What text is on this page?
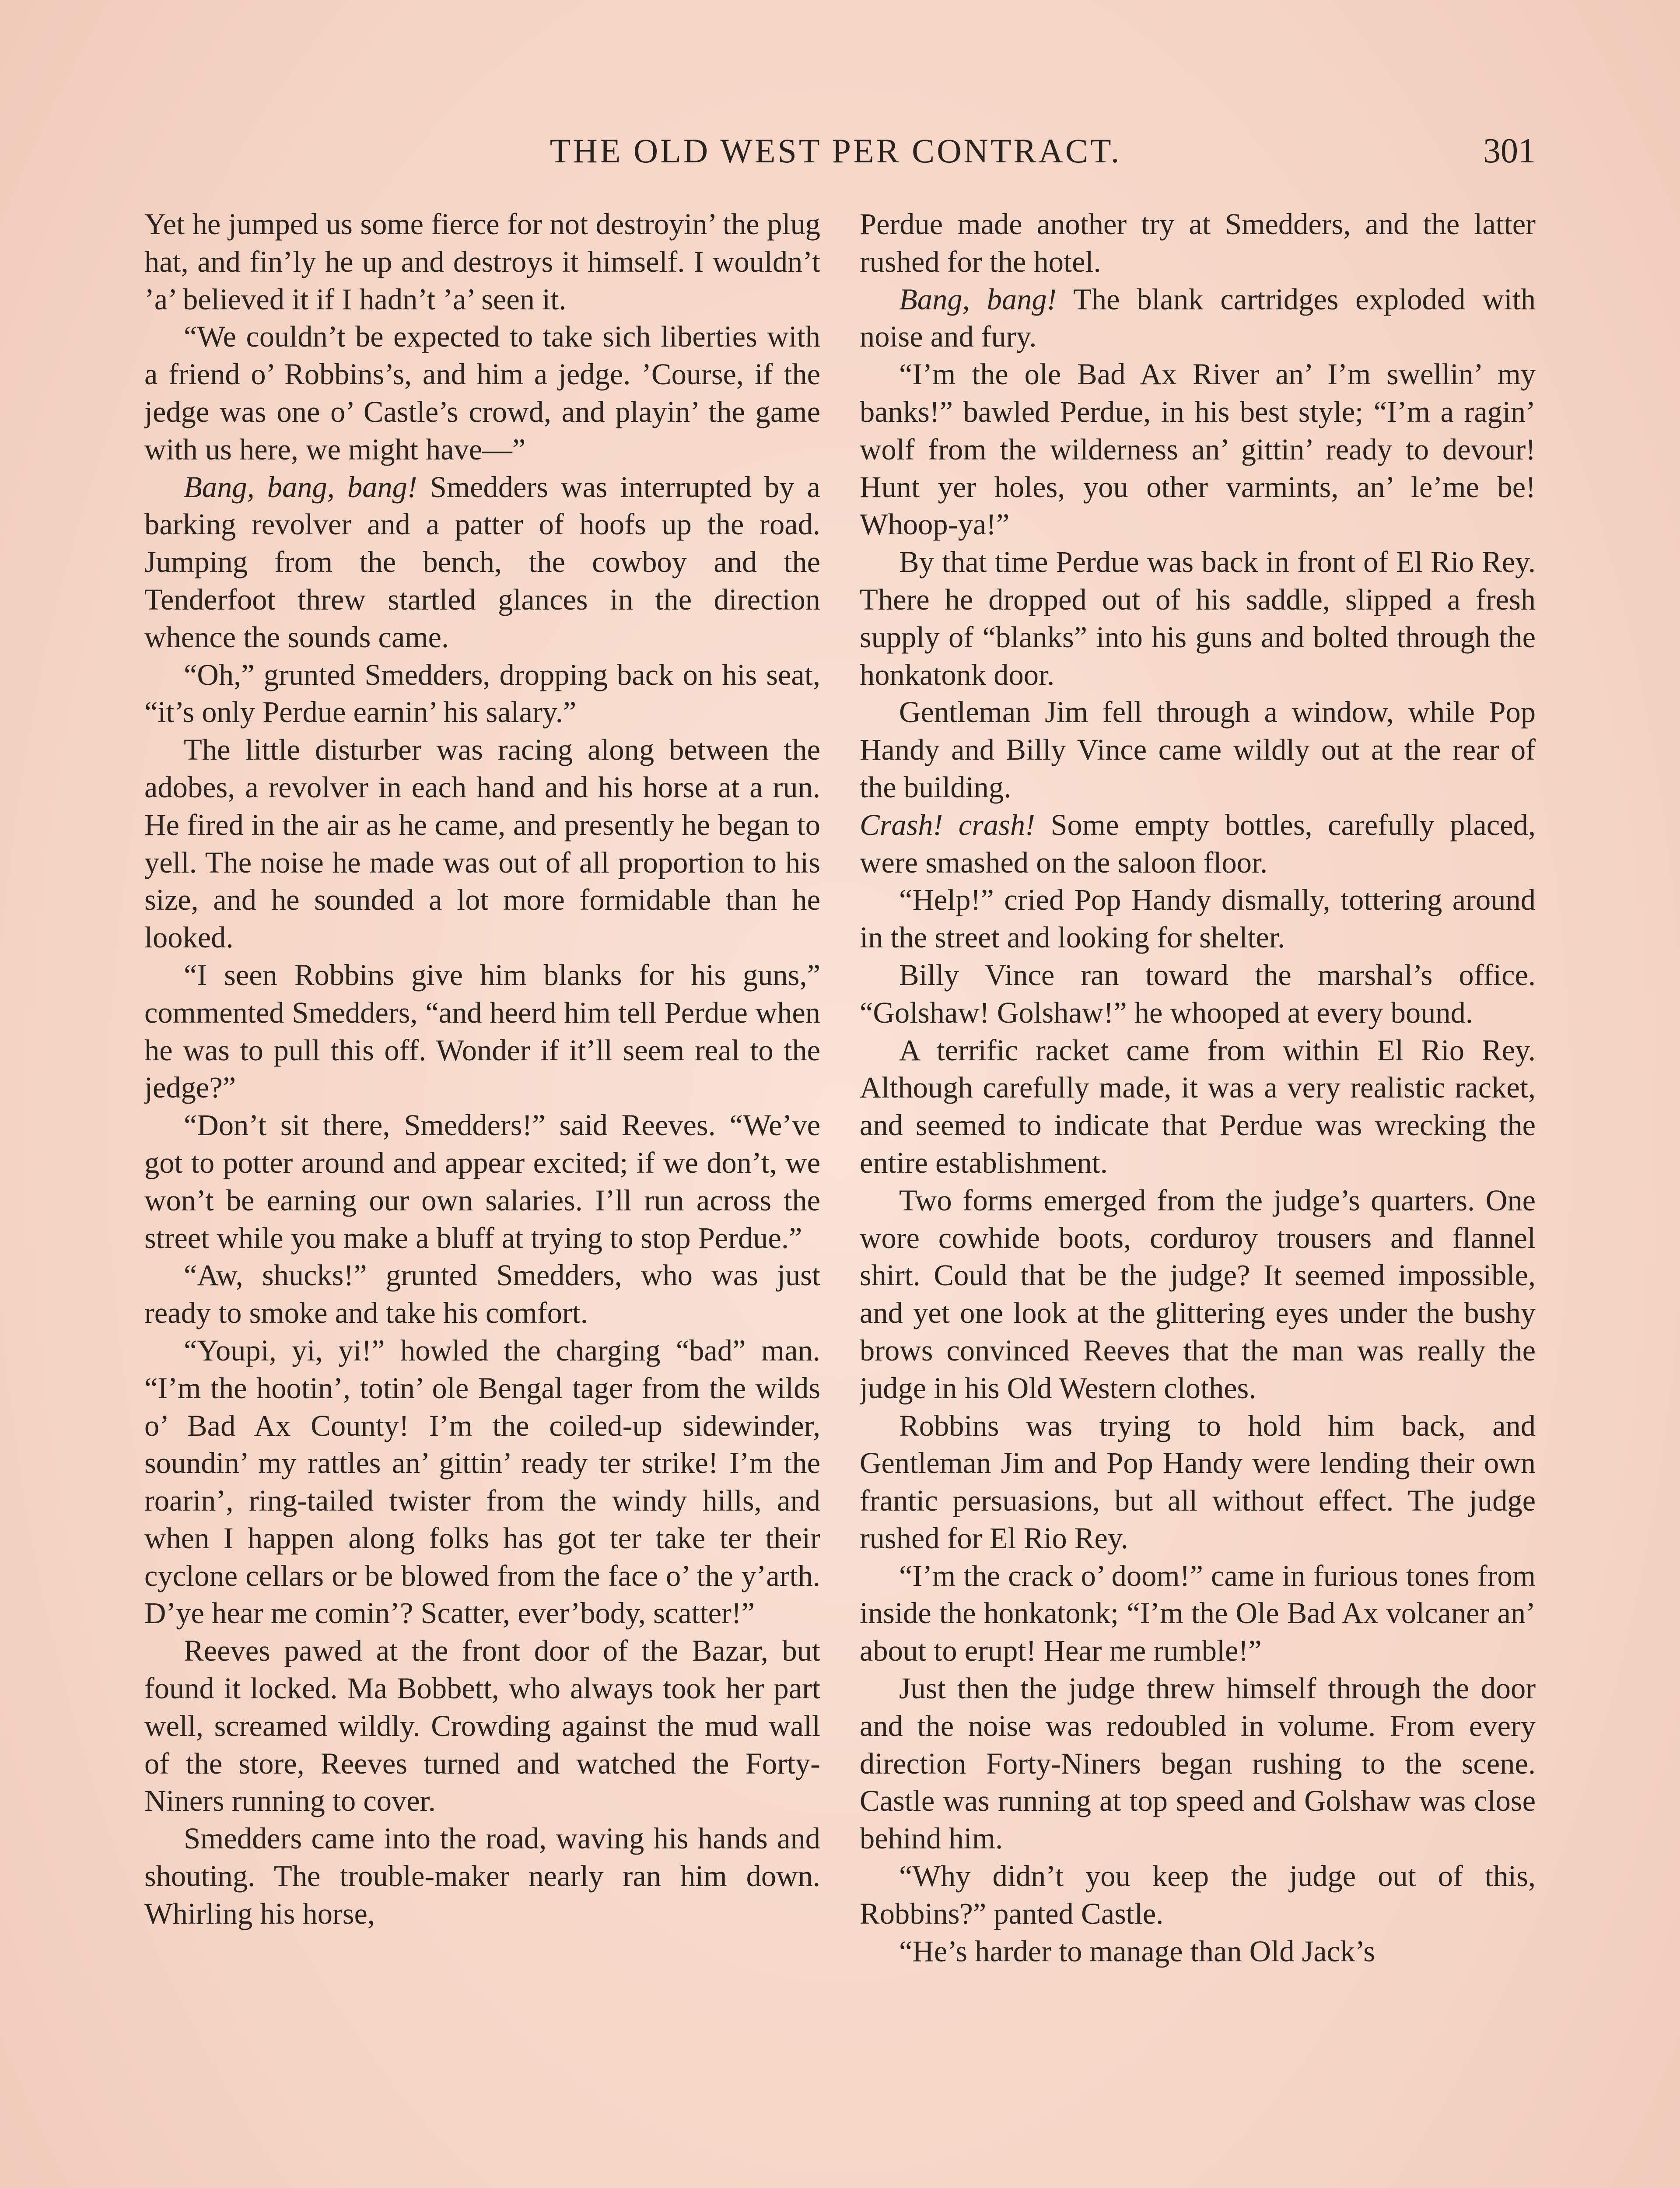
THE OLD WEST PER CONTRACT.	301

Yet he jumped us some fierce for not destroyin’ the plug hat, and fin’ly he up and destroys it himself. I wouldn’t ’a’ believed it if I hadn’t ’a’ seen it.

“We couldn’t be expected to take sich liberties with a friend o’ Robbins’s, and him a jedge. ’Course, if the jedge was one o’ Castle’s crowd, and playin’ the game with us here, we might have—”

Bang, bang, bang! Smedders was interrupted by a barking revolver and a patter of hoofs up the road. Jumping from the bench, the cowboy and the Tenderfoot threw startled glances in the direction whence the sounds came.

“Oh,” grunted Smedders, dropping back on his seat, “it’s only Perdue earnin’ his salary.”

The little disturber was racing along between the adobes, a revolver in each hand and his horse at a run. He fired in the air as he came, and presently he began to yell. The noise he made was out of all proportion to his size, and he sounded a lot more formidable than he looked.

“I seen Robbins give him blanks for his guns,” commented Smedders, “and heerd him tell Perdue when he was to pull this off. Wonder if it’ll seem real to the jedge?”

“Don’t sit there, Smedders!” said Reeves. “We’ve got to potter around and appear excited; if we don’t, we won’t be earning our own salaries. I’ll run across the street while you make a bluff at trying to stop Perdue.”

“Aw, shucks!” grunted Smedders, who was just ready to smoke and take his comfort.

“Youpi, yi, yi!” howled the charging “bad” man. “I’m the hootin’, totin’ ole Bengal tager from the wilds o’ Bad Ax County! I’m the coiled-up sidewinder, soundin’ my rattles an’ gittin’ ready ter strike! I’m the roarin’, ring-tailed twister from the windy hills, and when I happen along folks has got ter take ter their cyclone cellars or be blowed from the face o’ the y’arth. D’ye hear me comin’? Scatter, ever’body, scatter!”

Reeves pawed at the front door of the Bazar, but found it locked. Ma Bobbett, who always took her part well, screamed wildly. Crowding against the mud wall of the store, Reeves turned and watched the Forty-Niners running to cover.

Smedders came into the road, waving his hands and shouting. The trouble-maker nearly ran him down. Whirling his horse,

Perdue made another try at Smedders, and the latter rushed for the hotel.

Bang, bang! The blank cartridges exploded with noise and fury.

“I’m the ole Bad Ax River an’ I’m swellin’ my banks!” bawled Perdue, in his best style; “I’m a ragin’ wolf from the wilderness an’ gittin’ ready to devour! Hunt yer holes, you other varmints, an’ le’me be! Whoop-ya!”

By that time Perdue was back in front of El Rio Rey. There he dropped out of his saddle, slipped a fresh supply of “blanks” into his guns and bolted through the honkatonk door.

Gentleman Jim fell through a window, while Pop Handy and Billy Vince came wildly out at the rear of the building.

Crash! crash! Some empty bottles, carefully placed, were smashed on the saloon floor.

“Help!” cried Pop Handy dismally, tottering around in the street and looking for shelter.

Billy Vince ran toward the marshal’s office. “Golshaw! Golshaw!” he whooped at every bound.

A terrific racket came from within El Rio Rey. Although carefully made, it was a very realistic racket, and seemed to indicate that Perdue was wrecking the entire establishment.

Two forms emerged from the judge’s quarters. One wore cowhide boots, corduroy trousers and flannel shirt. Could that be the judge? It seemed impossible, and yet one look at the glittering eyes under the bushy brows convinced Reeves that the man was really the judge in his Old Western clothes.

Robbins was trying to hold him back, and Gentleman Jim and Pop Handy were lending their own frantic persuasions, but all without effect. The judge rushed for El Rio Rey.

“I’m the crack o’ doom!” came in furious tones from inside the honkatonk; “I’m the Ole Bad Ax volcaner an’ about to erupt! Hear me rumble!”

Just then the judge threw himself through the door and the noise was redoubled in volume. From every direction Forty-Niners began rushing to the scene. Castle was running at top speed and Golshaw was close behind him.

“Why didn’t you keep the judge out of this, Robbins?” panted Castle.

“He’s harder to manage than Old Jack’s
